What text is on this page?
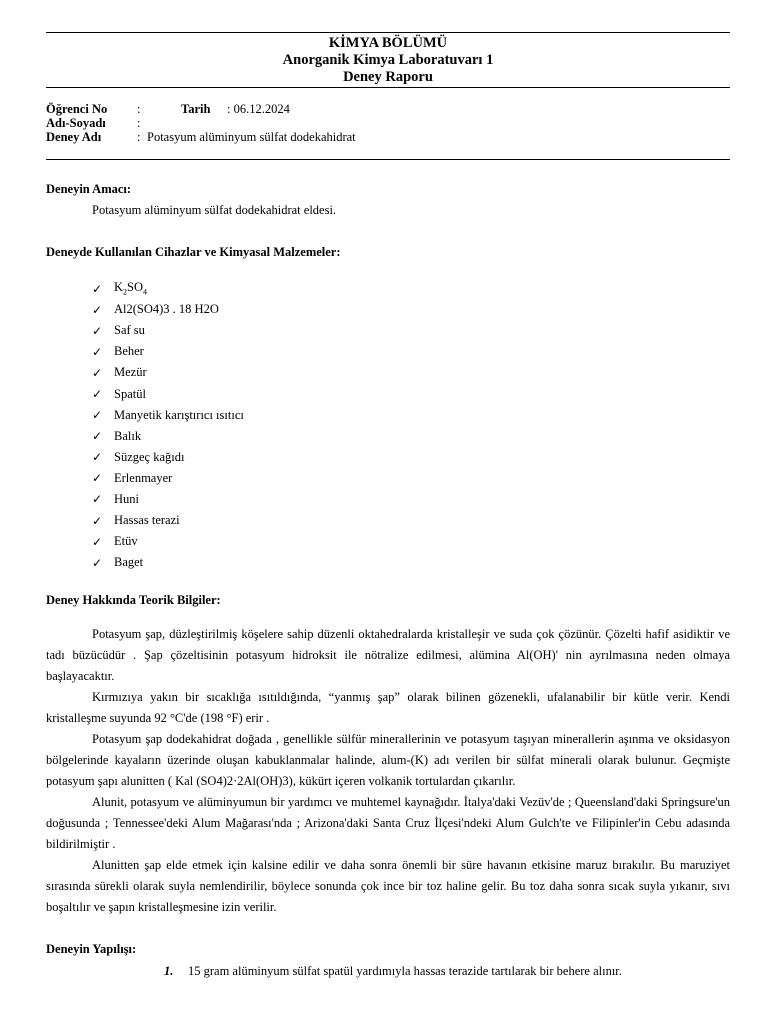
KİMYA BÖLÜMÜ
Anorganik Kimya Laboratuvarı 1
Deney Raporu
Öğrenci No	:	Tarih	: 06.12.2024
Adı-Soyadı	:
Deney Adı	: Potasyum alüminyum sülfat dodekahidrat
Deneyin Amacı:
Potasyum alüminyum sülfat dodekahidrat eldesi.
Deneyde Kullanılan Cihazlar ve Kimyasal Malzemeler:
✓ $K_2SO_4$
✓ Al2(SO4)3 . 18 H2O
✓ Saf su
✓ Beher
✓ Mezür
✓ Spatül
✓ Manyetik karıştırıcı ısıtıcı
✓ Balık
✓ Süzgeç kağıdı
✓ Erlenmayer
✓ Huni
✓ Hassas terazi
✓ Etüv
✓ Baget
Deney Hakkında Teorik Bilgiler:

Potasyum şap, düzleştirilmiş köşelere sahip düzenli oktahedralarda kristalleşir ve suda çok çözünür. Çözelti hafif asidiktir ve tadı büzücüdür . Şap çözeltisinin potasyum hidroksit ile nötralize edilmesi, alümina Al(OH)' nin ayrılmasına neden olmaya başlayacaktır.

Kırmızıya yakın bir sıcaklığa ısıtıldığında, “yanmış şap” olarak bilinen gözenekli, ufalanabilir bir kütle verir. Kendi kristalleşme suyunda 92 °C'de (198 °F) erir .

Potasyum şap dodekahidrat doğada , genellikle sülfür minerallerinin ve potasyum taşıyan minerallerin aşınma ve oksidasyon bölgelerinde kayaların üzerinde oluşan kabuklanmalar halinde, alum-(K) adı verilen bir sülfat minerali olarak bulunur. Geçmişte potasyum şapı alunitten ( Kal (SO4)2·2Al(OH)3), kükürt içeren volkanik tortulardan çıkarılır.

Alunit, potasyum ve alüminyumun bir yardımcı ve muhtemel kaynağıdır. İtalya'daki Vezüv'de ; Queensland'daki Springsure'un doğusunda ; Tennessee'deki Alum Mağarası'nda ; Arizona'daki Santa Cruz İlçesi'ndeki Alum Gulch'te ve Filipinler'in Cebu adasında bildirilmiştir .

Alunitten şap elde etmek için kalsine edilir ve daha sonra önemli bir süre havanın etkisine maruz bırakılır. Bu maruziyet sırasında sürekli olarak suyla nemlendirilir, böylece sonunda çok ince bir toz haline gelir. Bu toz daha sonra sıcak suyla yıkanır, sıvı boşaltılır ve şapın kristalleşmesine izin verilir.

Deneyin Yapılışı:
1.	15 gram alüminyum sülfat spatül yardımıyla hassas terazide tartılarak bir behere alınır.
